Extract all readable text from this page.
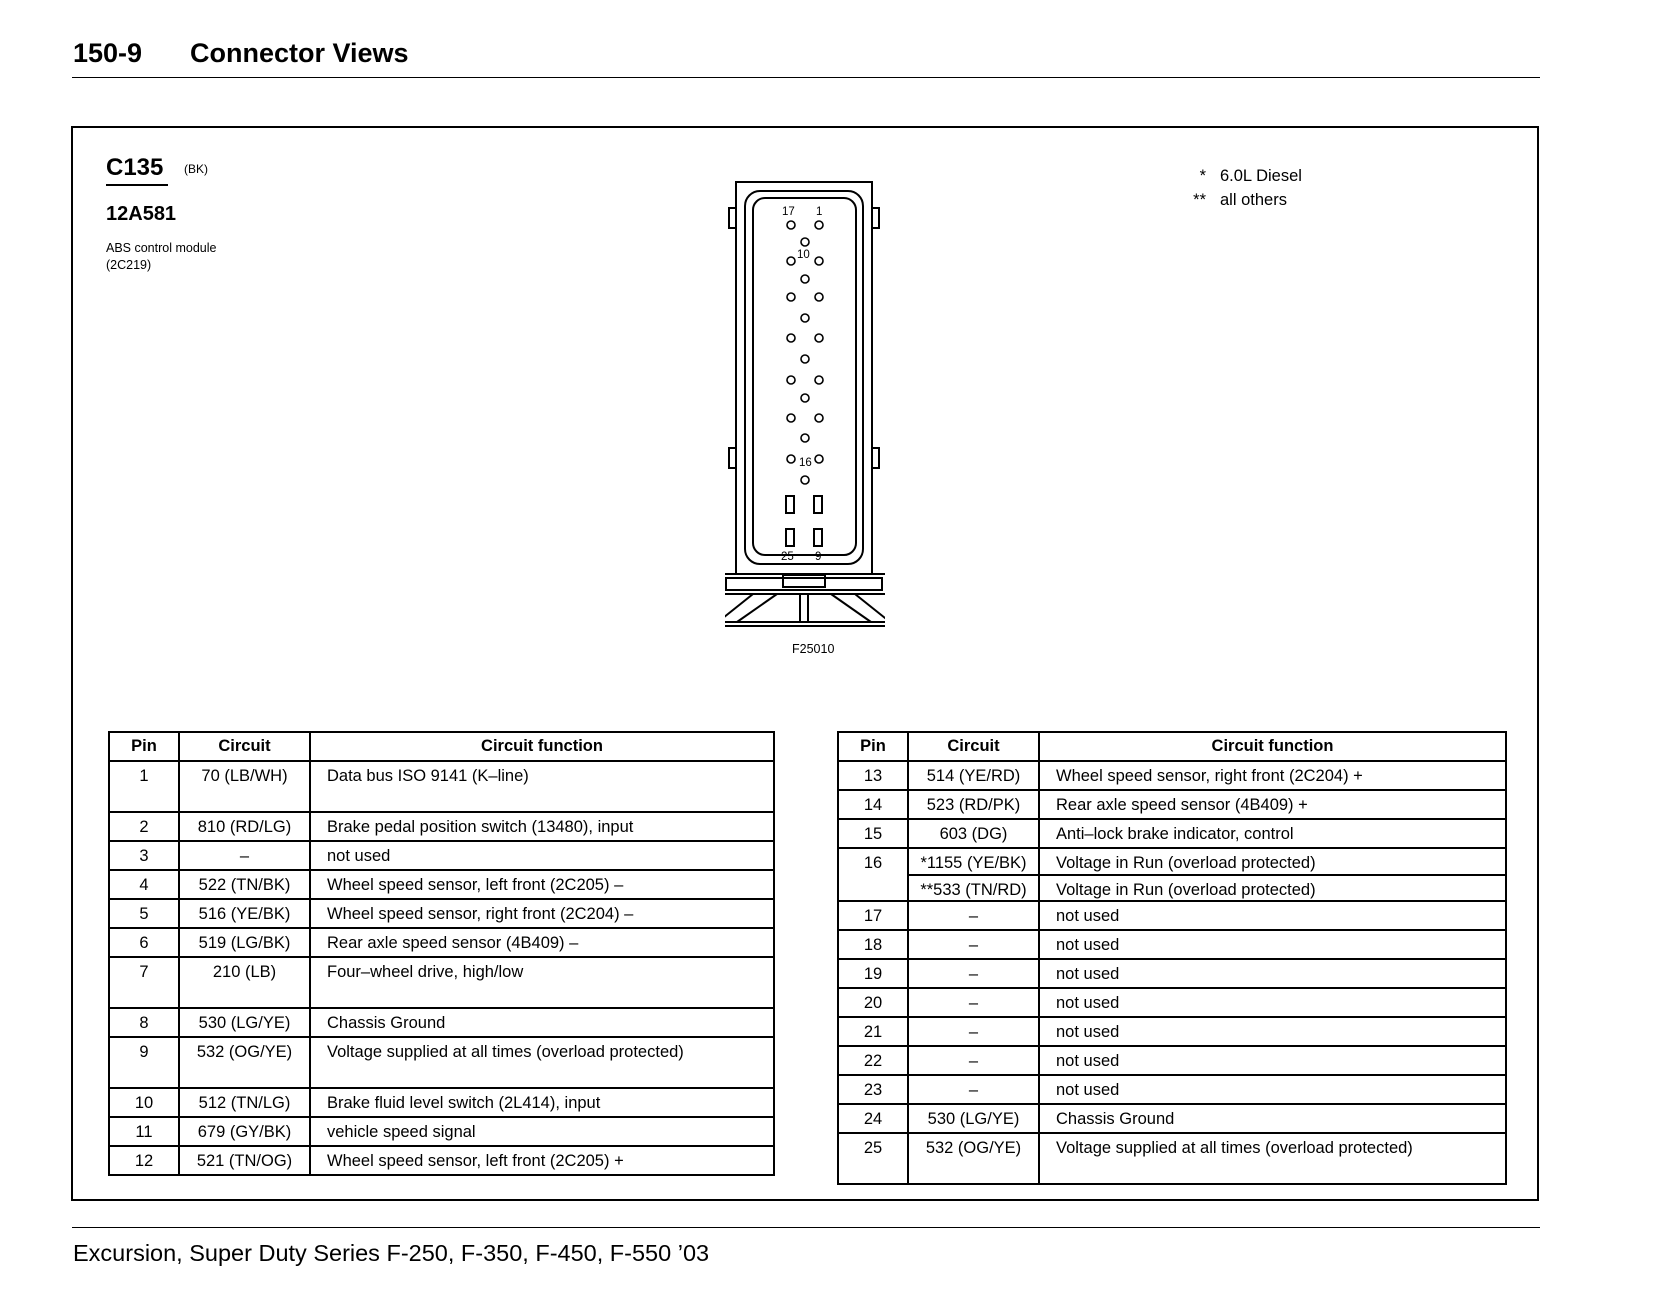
150-9 Connector Views
C135 (BK)
12A581
ABS control module
(2C219)
* 6.0L Diesel
** all others
17 1
10
16
25 9
F25010
Pin	Circuit	Circuit function
1	70 (LB/WH)	Data bus ISO 9141 (K–line)
2	810 (RD/LG)	Brake pedal position switch (13480), input
3	–	not used
4	522 (TN/BK)	Wheel speed sensor, left front (2C205) –
5	516 (YE/BK)	Wheel speed sensor, right front (2C204) –
6	519 (LG/BK)	Rear axle speed sensor (4B409) –
7	210 (LB)	Four–wheel drive, high/low
8	530 (LG/YE)	Chassis Ground
9	532 (OG/YE)	Voltage supplied at all times (overload protected)
10	512 (TN/LG)	Brake fluid level switch (2L414), input
11	679 (GY/BK)	vehicle speed signal
12	521 (TN/OG)	Wheel speed sensor, left front (2C205) +
Pin	Circuit	Circuit function
13	514 (YE/RD)	Wheel speed sensor, right front (2C204) +
14	523 (RD/PK)	Rear axle speed sensor (4B409) +
15	603 (DG)	Anti–lock brake indicator, control
16	*1155 (YE/BK)	Voltage in Run (overload protected)
	**533 (TN/RD)	Voltage in Run (overload protected)
17	–	not used
18	–	not used
19	–	not used
20	–	not used
21	–	not used
22	–	not used
23	–	not used
24	530 (LG/YE)	Chassis Ground
25	532 (OG/YE)	Voltage supplied at all times (overload protected)
Excursion, Super Duty Series F-250, F-350, F-450, F-550 ’03
